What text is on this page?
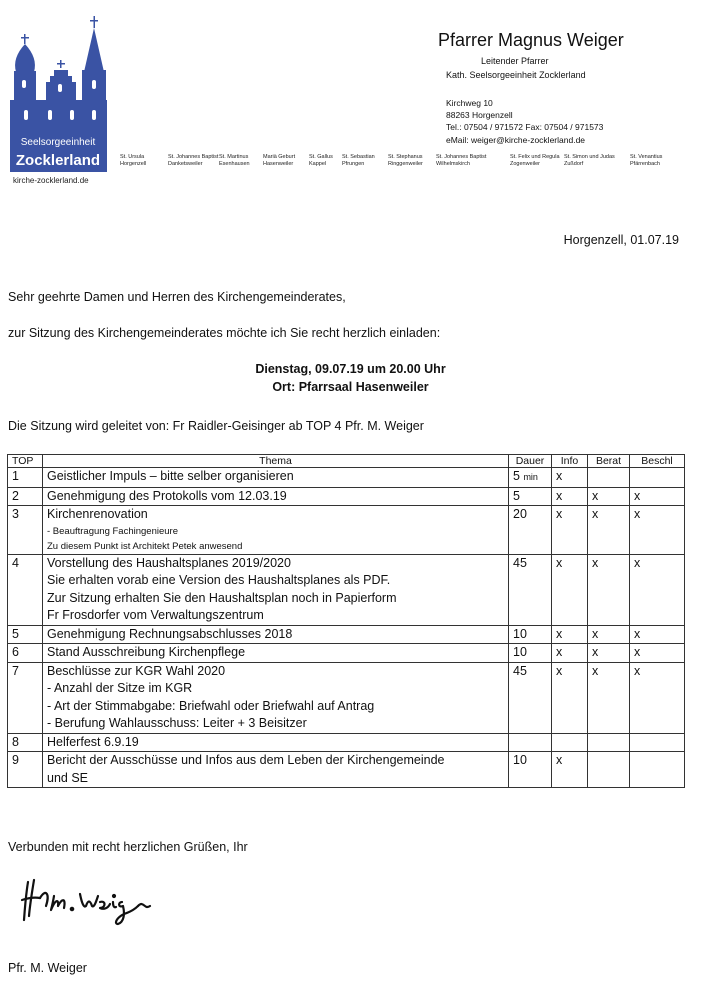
Seelsorgeeinheit
Zocklerland
kirche-zocklerland.de
St. Ursula
Horgenzell
St. Johannes Baptist
Danketsweiler
St. Martinus
Esenhausen
Mariä Geburt
Hasenweiler
St. Gallus
Kappel
St. Sebastian
Pfrungen
St. Stephanus
Ringgenweiler
St. Johannes Baptist
Wilhelmskirch
St. Felix und Regula
Zogenweiler
St. Simon und Judas
Zußdorf
St. Venantius
Pfärrenbach
Pfarrer Magnus Weiger
Leitender Pfarrer
Kath. Seelsorgeeinheit Zocklerland
Kirchweg 10
88263 Horgenzell
Tel.: 07504 / 971572 Fax: 07504 / 971573
eMail: weiger@kirche-zocklerland.de
Horgenzell, 01.07.19
Sehr geehrte Damen und Herren des Kirchengemeinderates,
zur Sitzung des Kirchengemeinderates möchte ich Sie recht herzlich einladen:
Dienstag, 09.07.19 um 20.00 Uhr
Ort: Pfarrsaal Hasenweiler
Die Sitzung wird geleitet von: Fr Raidler-Geisinger ab TOP 4 Pfr. M. Weiger
TOP	Thema	Dauer	Info	Berat	Beschl
1	Geistlicher Impuls – bitte selber organisieren	5 min	x		
2	Genehmigung des Protokolls vom 12.03.19	5	x	x	x
3	Kirchenrenovation
- Beauftragung Fachingenieure
Zu diesem Punkt ist Architekt Petek anwesend	20	x	x	x
4	Vorstellung des Haushaltsplanes 2019/2020
Sie erhalten vorab eine Version des Haushaltsplanes als PDF.
Zur Sitzung erhalten Sie den Haushaltsplan noch in Papierform
Fr Frosdorfer vom Verwaltungszentrum	45	x	x	x
5	Genehmigung Rechnungsabschlusses 2018	10	x	x	x
6	Stand Ausschreibung Kirchenpflege	10	x	x	x
7	Beschlüsse zur KGR Wahl 2020
- Anzahl der Sitze im KGR
- Art der Stimmabgabe: Briefwahl oder Briefwahl auf Antrag
- Berufung Wahlausschuss: Leiter + 3 Beisitzer	45	x	x	x
8	Helferfest 6.9.19				

9	Bericht der Ausschüsse und Infos aus dem Leben der Kirchengemeinde
und SE	10	x		
Verbunden mit recht herzlichen Grüßen, Ihr
Pfr. M. Weiger
